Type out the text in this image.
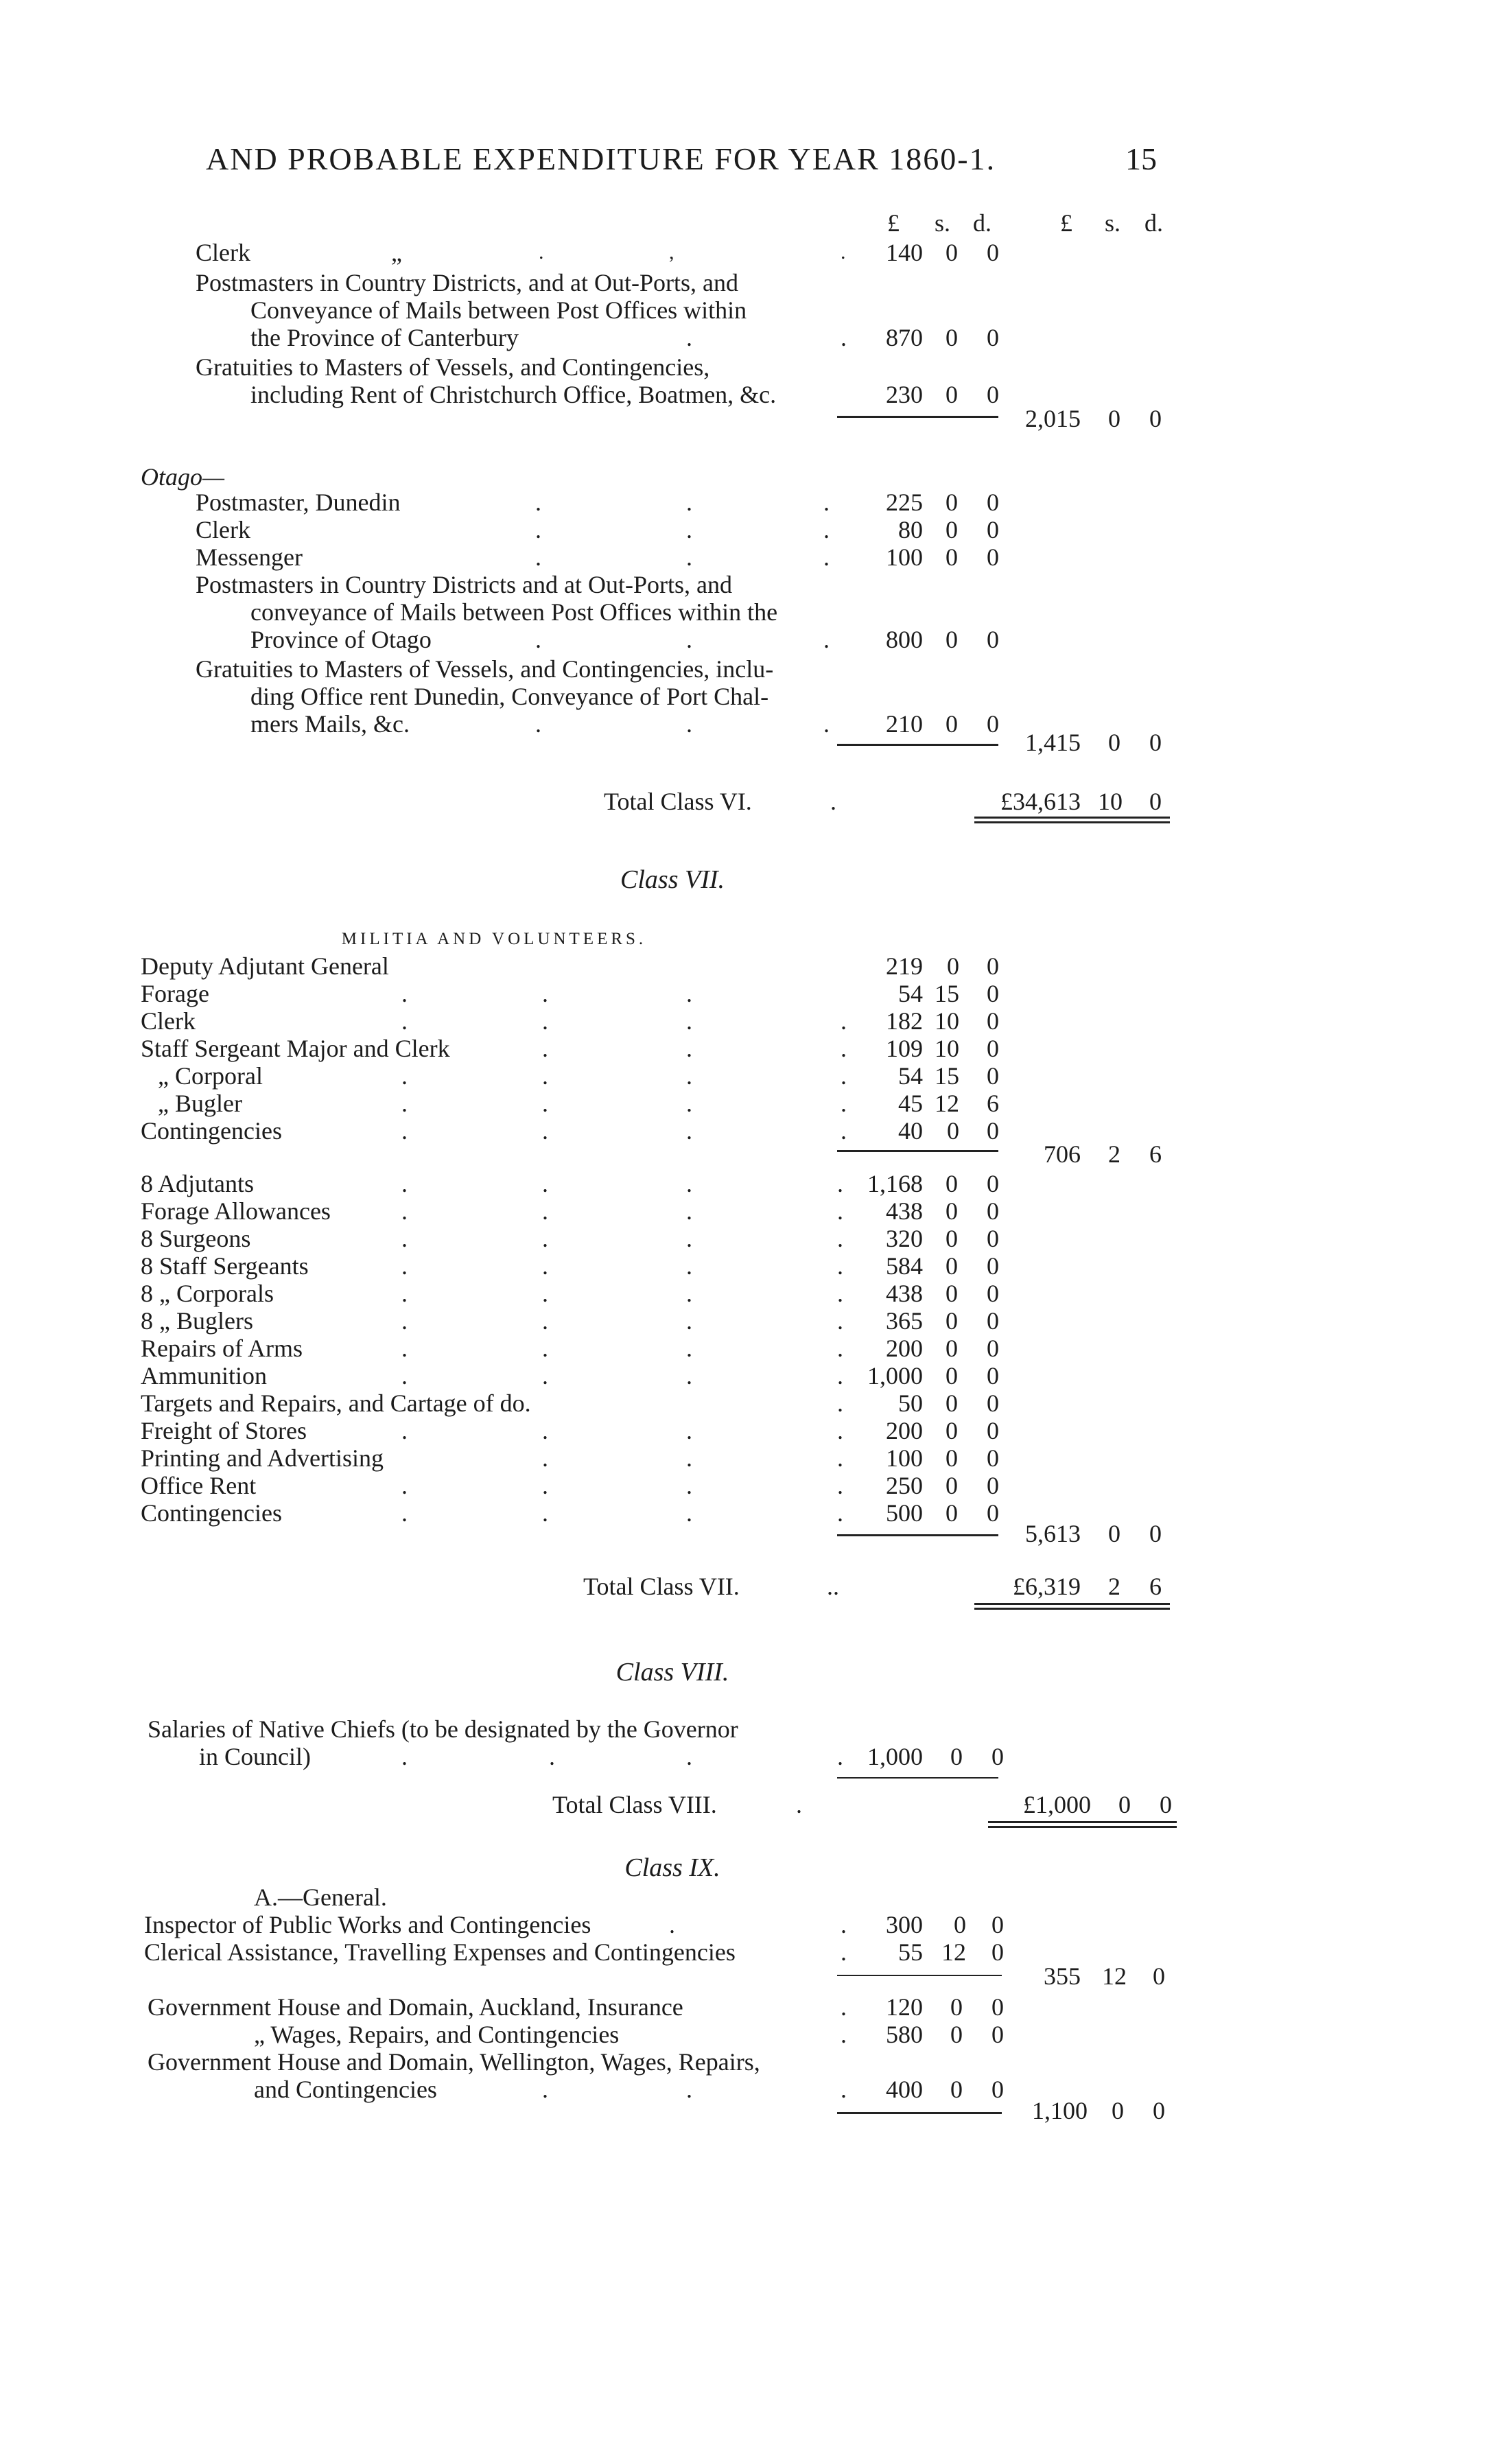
AND PROBABLE EXPENDITURE FOR YEAR 1860-1.	15
£ s. d.	£ s. d.
Clerk	„	.	,	.	140 0 0
Postmasters in Country Districts, and at Out-Ports, and
Conveyance of Mails between Post Offices within
the Province of Canterbury	.	.	870 0 0
Gratuities to Masters of Vessels, and Contingencies,
including Rent of Christchurch Office, Boatmen, &c.	230 0 0
2,015 0 0
Otago—
Postmaster, Dunedin	.	.	.	225 0 0
Clerk	.	.	.	80 0 0
Messenger	.	.	.	100 0 0
Postmasters in Country Districts and at Out-Ports, and
conveyance of Mails between Post Offices within the
Province of Otago	.	.	.	800 0 0
Gratuities to Masters of Vessels, and Contingencies, inclu-
ding Office rent Dunedin, Conveyance of Port Chal-
mers Mails, &c.	.	.	.	210 0 0
1,415 0 0
Total Class VI.	.	£34,613 10 0
Class VII.
MILITIA AND VOLUNTEERS.
Deputy Adjutant General	219 0 0
Forage	54 15 0
Clerk	182 10 0
Staff Sergeant Major and Clerk	109 10 0
„ Corporal	54 15 0
„ Bugler	45 12 6
Contingencies	40 0 0
.	.	.
.	.	.	.
.	.	.
.	.	.	.
.	.	.	.
.	.	.	.
706 2 6
8 Adjutants	1,168 0 0
Forage Allowances	438 0 0
8 Surgeons	320 0 0
8 Staff Sergeants	584 0 0
8 „ Corporals	438 0 0
8 „ Buglers	365 0 0
Repairs of Arms	200 0 0
Ammunition	1,000 0 0
Targets and Repairs, and Cartage of do.	50 0 0
Freight of Stores	200 0 0
Printing and Advertising	100 0 0
Office Rent	250 0 0
Contingencies	500 0 0
.	.	.	.
.	.	.	.
.	.	.	.
.	.	.	.
.	.	.	.
.	.	.	.
.	.	.	.
.	.	.	.
.
.	.	.	.
.	.	.
.	.	.	.
.	.	.	.
5,613 0 0
Total Class VII.	..	£6,319 2 6
Class VIII.
Salaries of Native Chiefs (to be designated by the Governor
in Council)	.	.	.	. 1,000 0 0
Total Class VIII.	.	£1,000 0 0
Class IX.
A.—General.
Inspector of Public Works and Contingencies	.	.	300	0 0
Clerical Assistance, Travelling Expenses and Contingencies	.	55 12 0
355 12 0
Government House and Domain, Auckland, Insurance	.	120 0 0
„ Wages, Repairs, and Contingencies	.	580 0 0
Government House and Domain, Wellington, Wages, Repairs,
and Contingencies	.	.	.	400 0 0
1,100 0 0
